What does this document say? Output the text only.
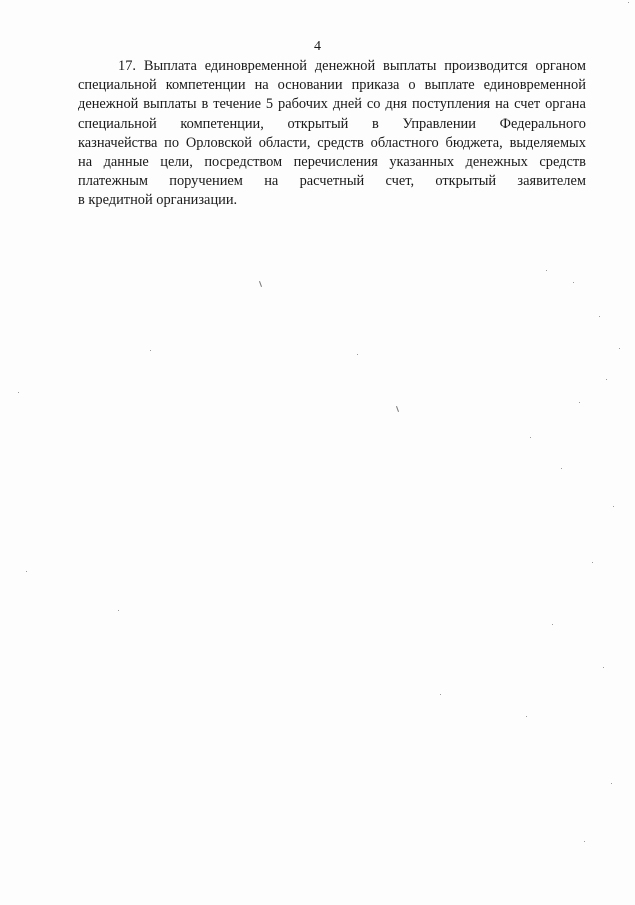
4
17. Выплата единовременной денежной выплаты производится органом
специальной компетенции на основании приказа о выплате единовременной
денежной выплаты в течение 5 рабочих дней со дня поступления на счет органа
специальной компетенции, открытый в Управлении Федерального
казначейства по Орловской области, средств областного бюджета, выделяемых
на данные цели, посредством перечисления указанных денежных средств
платежным поручением на расчетный счет, открытый заявителем
в кредитной организации.
